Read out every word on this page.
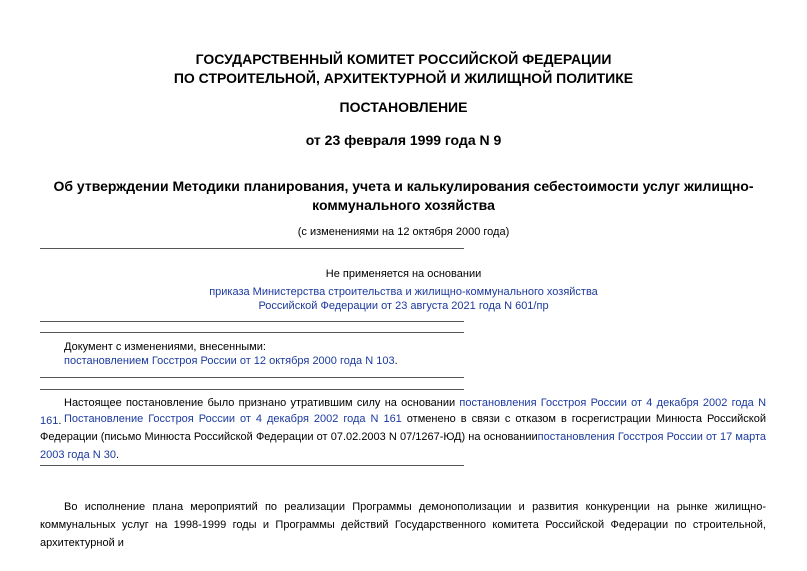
ГОСУДАРСТВЕННЫЙ КОМИТЕТ РОССИЙСКОЙ ФЕДЕРАЦИИ
ПО СТРОИТЕЛЬНОЙ, АРХИТЕКТУРНОЙ И ЖИЛИЩНОЙ ПОЛИТИКЕ
ПОСТАНОВЛЕНИЕ
от 23 февраля 1999 года N 9
Об утверждении Методики планирования, учета и калькулирования себестоимости услуг жилищно-
коммунального хозяйства
(с изменениями на 12 октября 2000 года)
Не применяется на основании
приказа Министерства строительства и жилищно-коммунального хозяйства
Российской Федерации от 23 августа 2021 года N 601/пр
Документ с изменениями, внесенными:
постановлением Госстроя России от 12 октября 2000 года N 103.
Настоящее постановление было признано утратившим силу на основании постановления Госстроя России от 4 декабря 2002 года N 161. Постановление Госстроя России от 4 декабря 2002 года N 161 отменено в связи с отказом в госрегистрации Минюста Российской Федерации (письмо Минюста Российской Федерации от 07.02.2003 N 07/1267-ЮД) на основаниипостановления Госстроя России от 17 марта 2003 года N 30.
Во исполнение плана мероприятий по реализации Программы демонополизации и развития конкуренции на рынке жилищно-коммунальных услуг на 1998-1999 годы и Программы действий Государственного комитета Российской Федерации по строительной, архитектурной и
